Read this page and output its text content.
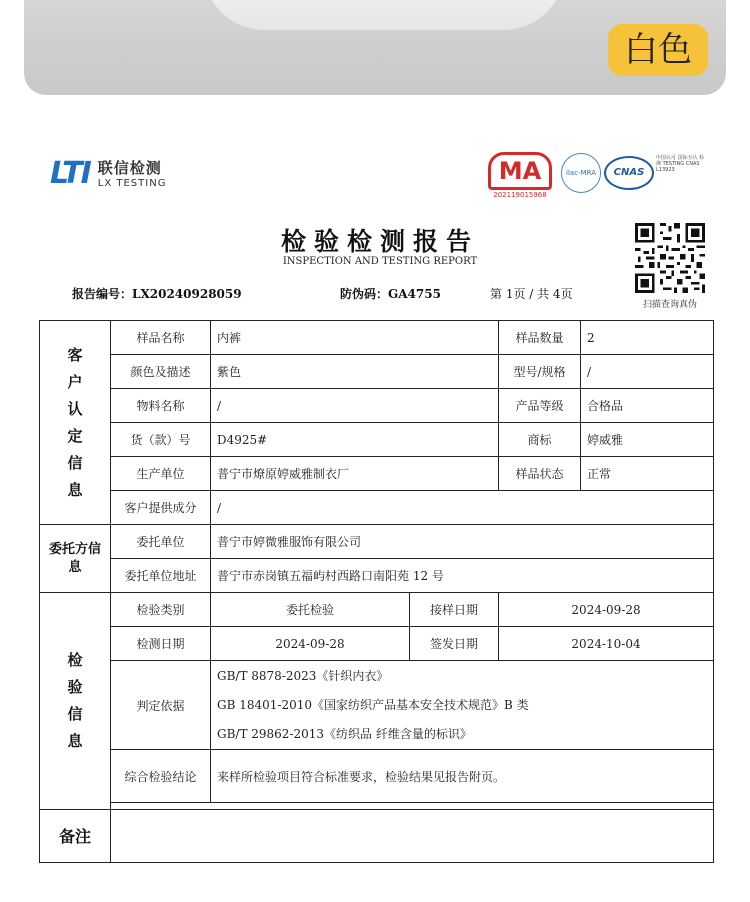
白色
LTI 联信检测
LX TESTING	MA
202119015968
ilac-MRA	CNAS
中国认可 国际互认 检测 TESTING CNAS L13923
检验检测报告
INSPECTION AND TESTING REPORT
扫描查询真伪
报告编号：LX20240928059	防伪码：GA4755	第 1页 / 共 4页
客户认定信息	样品名称	内裤		样品数量	2
	颜色及描述	紫色		型号/规格	/
	物料名称	/		产品等级	合格品
	货（款）号	D4925#		商标	婷威雅
	生产单位	普宁市燎原婷威雅制衣厂		样品状态	正常
	客户提供成分	/			

委托方信息	委托单位	普宁市婷微雅服饰有限公司			
	委托单位地址	普宁市赤岗镇五福屿村西路口南阳苑 12 号			

检验信息	检验类别	委托检验	接样日期	2024-09-28	
	检测日期	2024-09-28	签发日期	2024-10-04	
	判定依据	GB/T 8878-2023《针织内衣》
GB 18401-2010《国家纺织产品基本安全技术规范》B 类
GB/T 29862-2013《纺织品 纤维含量的标识》			

	综合检验结论	来样所检验项目符合标准要求，检验结果见报告附页。			

备注					
